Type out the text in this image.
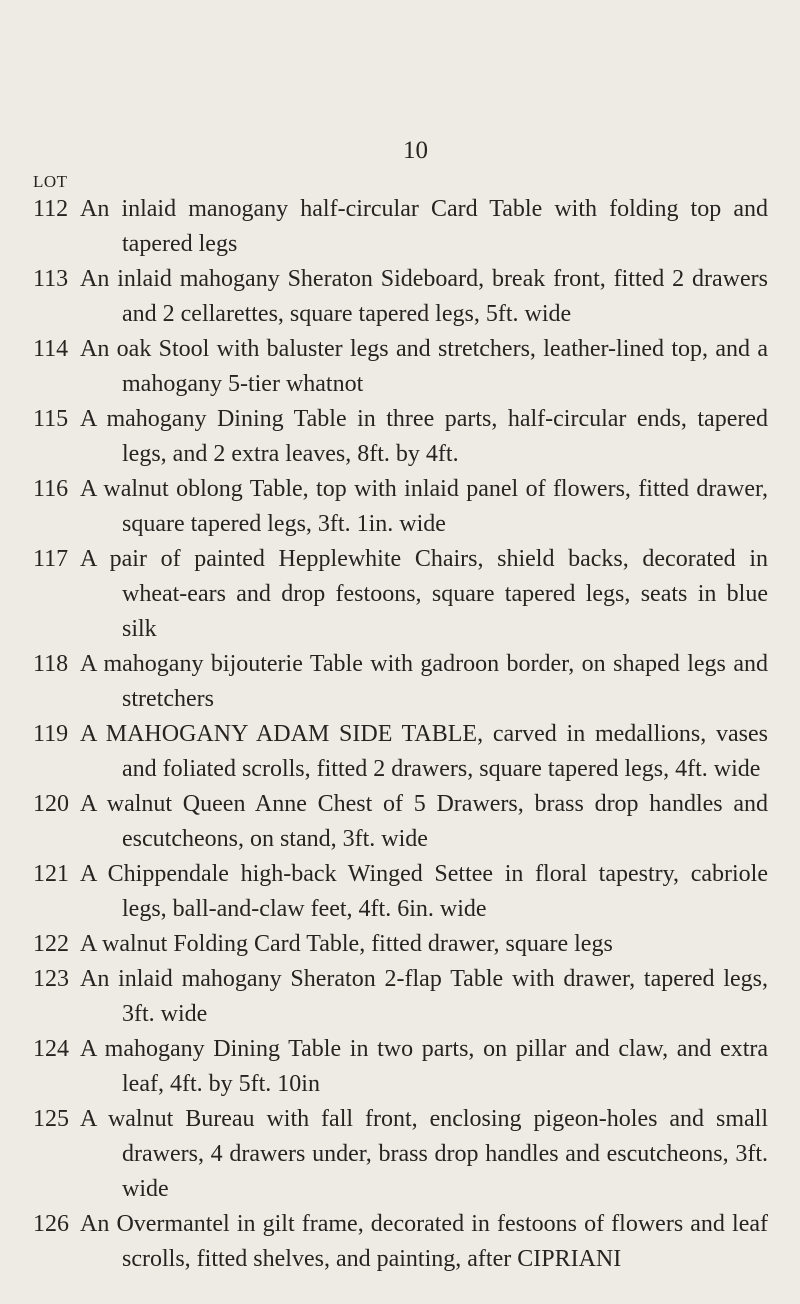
10
LOT
112 An inlaid manogany half-circular Card Table with folding top and tapered legs
113 An inlaid mahogany Sheraton Sideboard, break front, fitted 2 drawers and 2 cellarettes, square tapered legs, 5ft. wide
114 An oak Stool with baluster legs and stretchers, leather-lined top, and a mahogany 5-tier whatnot
115 A mahogany Dining Table in three parts, half-circular ends, tapered legs, and 2 extra leaves, 8ft. by 4ft.
116 A walnut oblong Table, top with inlaid panel of flowers, fitted drawer, square tapered legs, 3ft. 1in. wide
117 A pair of painted Hepplewhite Chairs, shield backs, decorated in wheat-ears and drop festoons, square tapered legs, seats in blue silk
118 A mahogany bijouterie Table with gadroon border, on shaped legs and stretchers
119 A MAHOGANY ADAM SIDE TABLE, carved in medallions, vases and foliated scrolls, fitted 2 drawers, square tapered legs, 4ft. wide
120 A walnut Queen Anne Chest of 5 Drawers, brass drop handles and escutcheons, on stand, 3ft. wide
121 A Chippendale high-back Winged Settee in floral tapestry, cabriole legs, ball-and-claw feet, 4ft. 6in. wide
122 A walnut Folding Card Table, fitted drawer, square legs
123 An inlaid mahogany Sheraton 2-flap Table with drawer, tapered legs, 3ft. wide
124 A mahogany Dining Table in two parts, on pillar and claw, and extra leaf, 4ft. by 5ft. 10in
125 A walnut Bureau with fall front, enclosing pigeon-holes and small drawers, 4 drawers under, brass drop handles and escutcheons, 3ft. wide
126 An Overmantel in gilt frame, decorated in festoons of flowers and leaf scrolls, fitted shelves, and painting, after CIPRIANI
